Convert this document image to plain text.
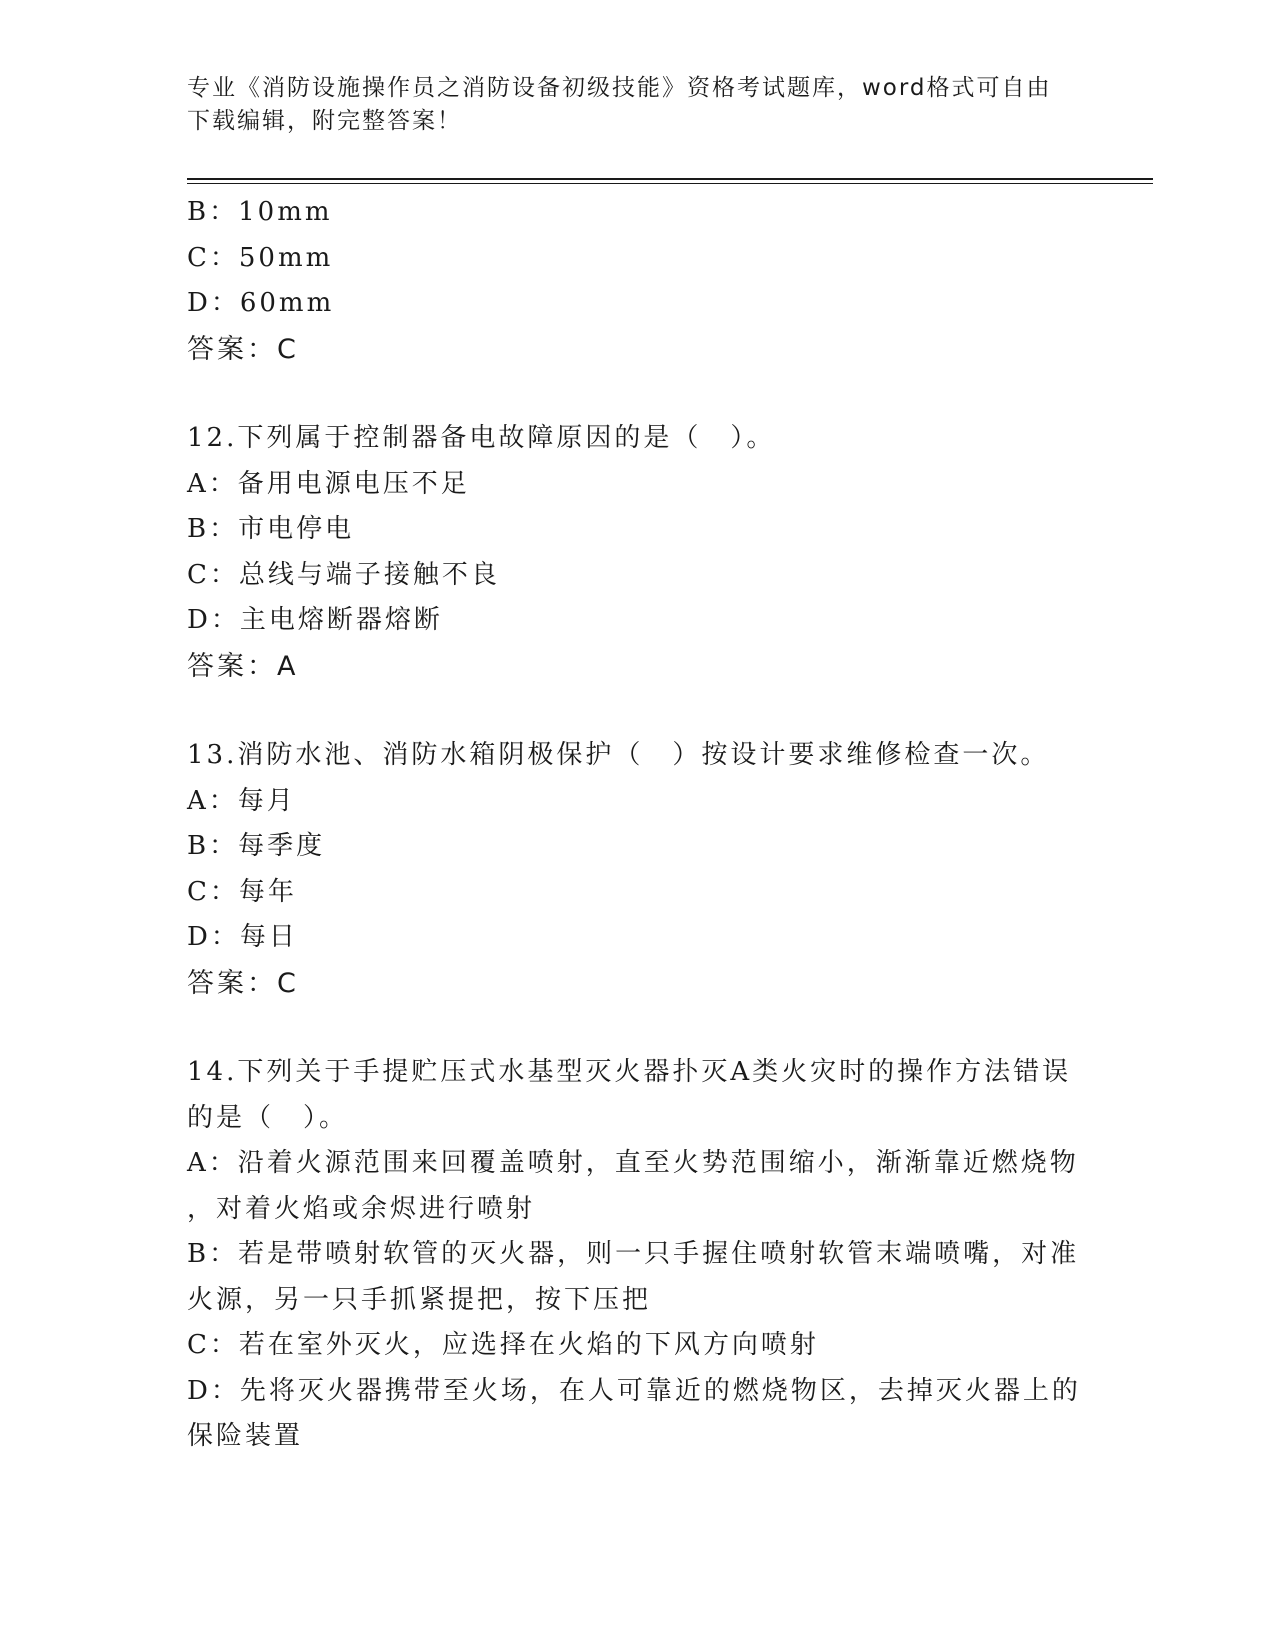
专业《消防设施操作员之消防设备初级技能》资格考试题库，word格式可自由下载编辑，附完整答案！
B：10mm
C：50mm
D：60mm
答案：C
12.下列属于控制器备电故障原因的是（　）。
A：备用电源电压不足
B：市电停电
C：总线与端子接触不良
D：主电熔断器熔断
答案：A
13.消防水池、消防水箱阴极保护（　）按设计要求维修检查一次。
A：每月
B：每季度
C：每年
D：每日
答案：C
14.下列关于手提贮压式水基型灭火器扑灭A类火灾时的操作方法错误
的是（　）。
A：沿着火源范围来回覆盖喷射，直至火势范围缩小，渐渐靠近燃烧物
，对着火焰或余烬进行喷射
B：若是带喷射软管的灭火器，则一只手握住喷射软管末端喷嘴，对准
火源，另一只手抓紧提把，按下压把
C：若在室外灭火，应选择在火焰的下风方向喷射
D：先将灭火器携带至火场，在人可靠近的燃烧物区，去掉灭火器上的
保险装置
